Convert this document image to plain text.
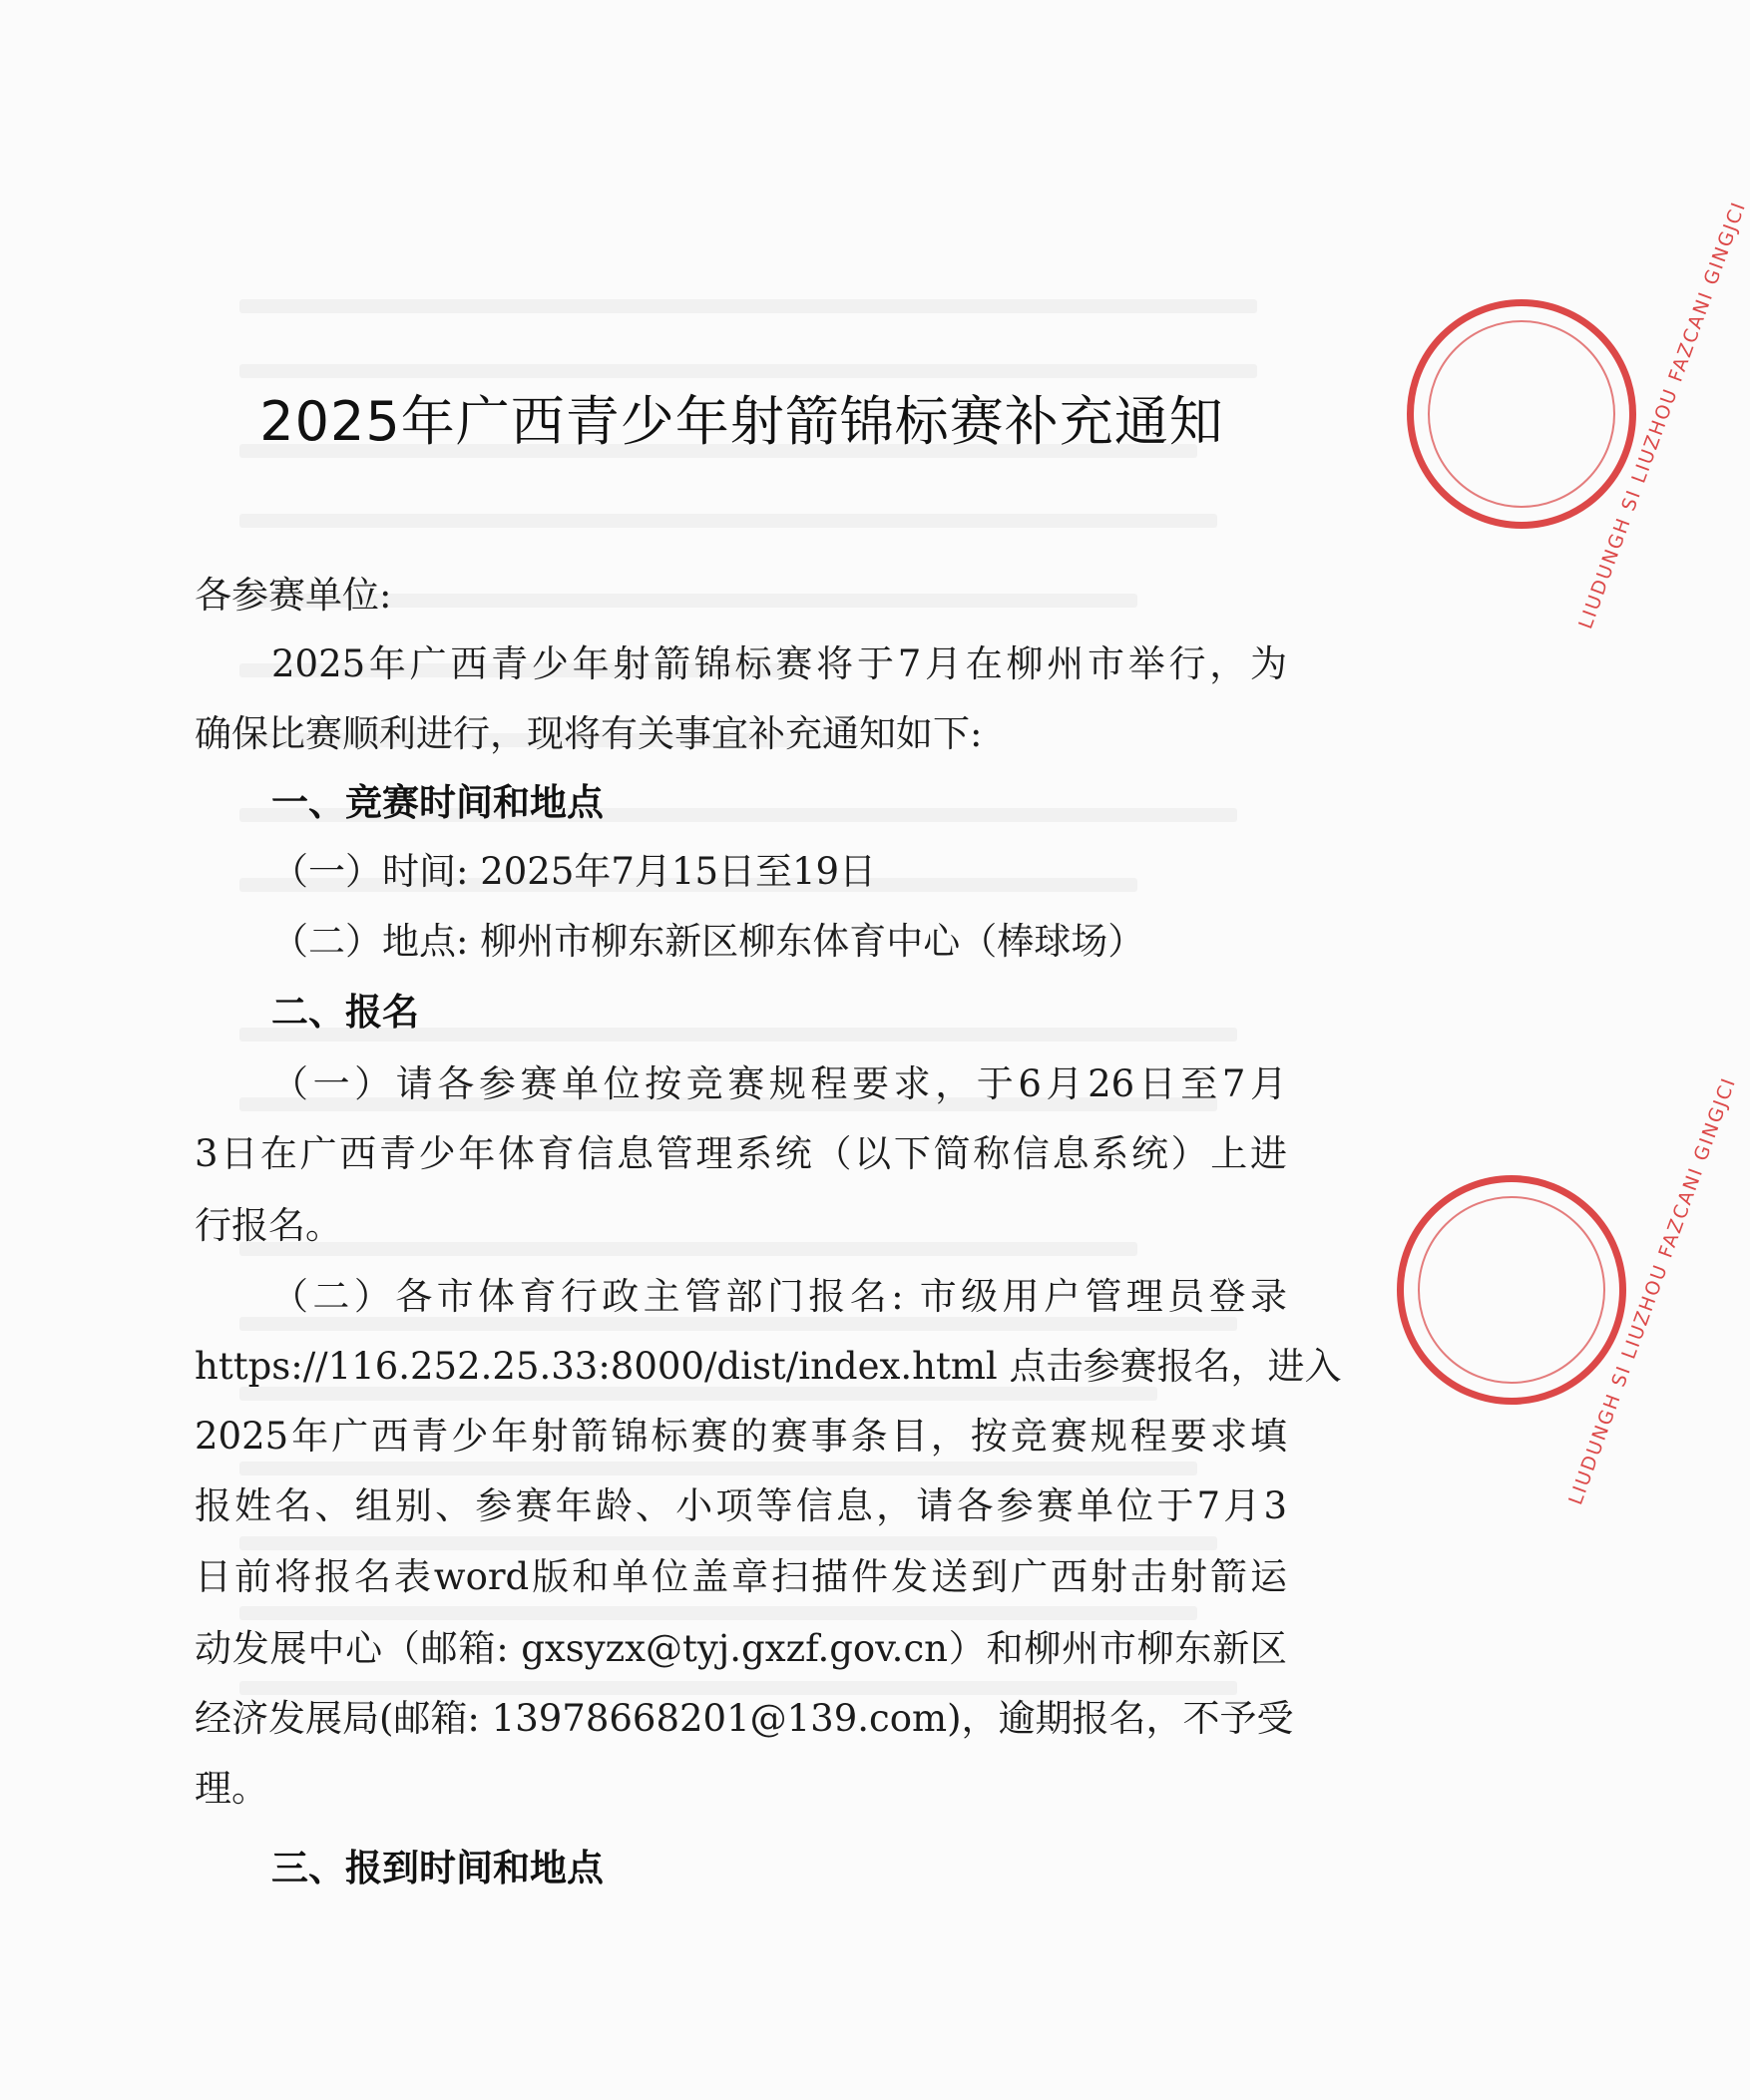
2025年广西青少年射箭锦标赛补充通知
各参赛单位:
2025年广西青少年射箭锦标赛将于7月在柳州市举行，为
确保比赛顺利进行，现将有关事宜补充通知如下:
一、竞赛时间和地点
（一）时间: 2025年7月15日至19日
（二）地点: 柳州市柳东新区柳东体育中心（棒球场）
二、报名
（一）请各参赛单位按竞赛规程要求，于6月26日至7月
3日在广西青少年体育信息管理系统（以下简称信息系统）上进
行报名。
（二）各市体育行政主管部门报名: 市级用户管理员登录
https://116.252.25.33:8000/dist/index.html 点击参赛报名，进入
2025年广西青少年射箭锦标赛的赛事条目，按竞赛规程要求填
报姓名、组别、参赛年龄、小项等信息，请各参赛单位于7月3
日前将报名表word版和单位盖章扫描件发送到广西射击射箭运
动发展中心（邮箱: gxsyzx@tyj.gxzf.gov.cn）和柳州市柳东新区
经济发展局(邮箱: 13978668201@139.com)，逾期报名，不予受
理。
三、报到时间和地点
LIUDUNGH SI LIUZHOU FAZCANI GINGJCI
LIUDUNGH SI LIUZHOU FAZCANI GINGJCI
